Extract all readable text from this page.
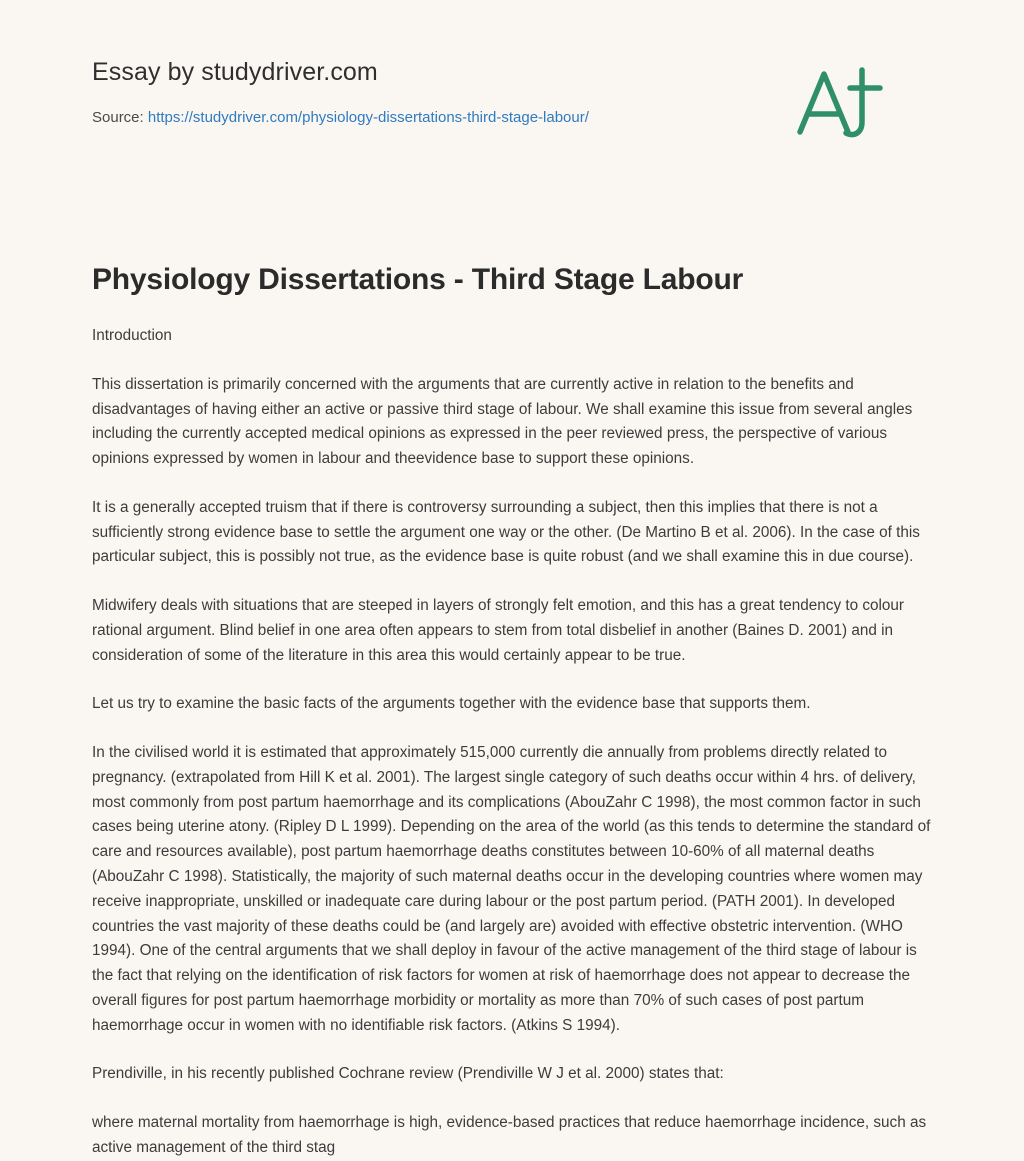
Essay by studydriver.com
Source: https://studydriver.com/physiology-dissertations-third-stage-labour/
Physiology Dissertations - Third Stage Labour

Introduction

This dissertation is primarily concerned with the arguments that are currently active in relation to the benefits and disadvantages of having either an active or passive third stage of labour. We shall examine this issue from several angles including the currently accepted medical opinions as expressed in the peer reviewed press, the perspective of various opinions expressed by women in labour and theevidence base to support these opinions.

It is a generally accepted truism that if there is controversy surrounding a subject, then this implies that there is not a sufficiently strong evidence base to settle the argument one way or the other. (De Martino B et al. 2006). In the case of this particular subject, this is possibly not true, as the evidence base is quite robust (and we shall examine this in due course).

Midwifery deals with situations that are steeped in layers of strongly felt emotion, and this has a great tendency to colour rational argument. Blind belief in one area often appears to stem from total disbelief in another (Baines D. 2001) and in consideration of some of the literature in this area this would certainly appear to be true.

Let us try to examine the basic facts of the arguments together with the evidence base that supports them.

In the civilised world it is estimated that approximately 515,000 currently die annually from problems directly related to pregnancy. (extrapolated from Hill K et al. 2001). The largest single category of such deaths occur within 4 hrs. of delivery, most commonly from post partum haemorrhage and its complications (AbouZahr C 1998), the most common factor in such cases being uterine atony. (Ripley D L 1999). Depending on the area of the world (as this tends to determine the standard of care and resources available), post partum haemorrhage deaths constitutes between 10-60% of all maternal deaths (AbouZahr C 1998). Statistically, the majority of such maternal deaths occur in the developing countries where women may receive inappropriate, unskilled or inadequate care during labour or the post partum period. (PATH 2001). In developed countries the vast majority of these deaths could be (and largely are) avoided with effective obstetric intervention. (WHO 1994). One of the central arguments that we shall deploy in favour of the active management of the third stage of labour is the fact that relying on the identification of risk factors for women at risk of haemorrhage does not appear to decrease the overall figures for post partum haemorrhage morbidity or mortality as more than 70% of such cases of post partum haemorrhage occur in women with no identifiable risk factors. (Atkins S 1994).

Prendiville, in his recently published Cochrane review (Prendiville W J et al. 2000) states that:

where maternal mortality from haemorrhage is high, evidence-based practices that reduce haemorrhage incidence, such as active management of the third stag
